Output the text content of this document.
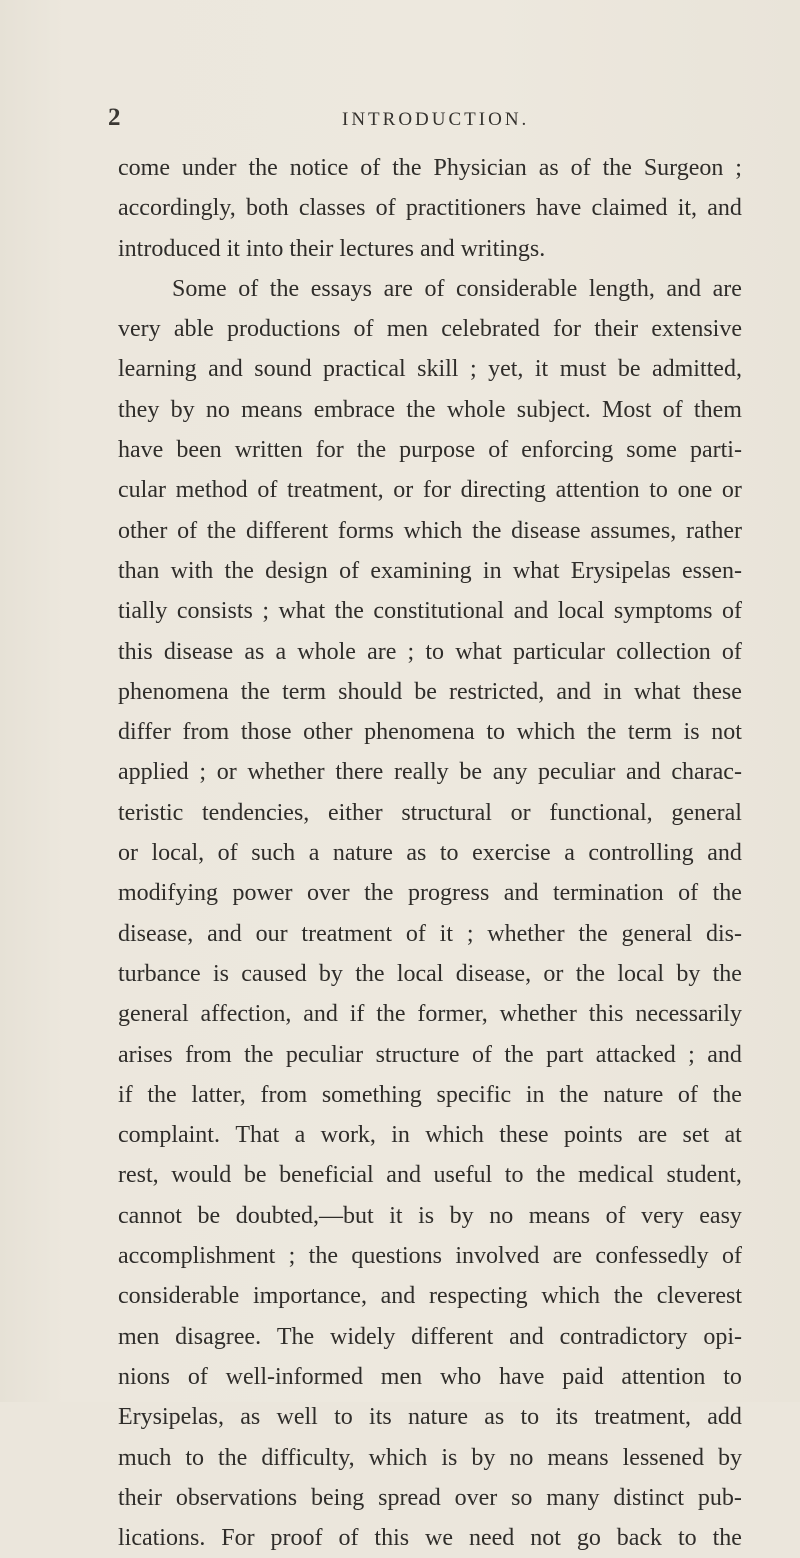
2	INTRODUCTION.
come under the notice of the Physician as of the Surgeon ;
accordingly, both classes of practitioners have claimed it, and
introduced
it
into
their
lectures
and
writings.

Some of the essays are of considerable length, and are
very able productions of men celebrated for their extensive
learning and sound practical skill ; yet, it must be admitted,
they by no means embrace the whole subject. Most of them
have been written for the purpose of enforcing some parti-
cular method of treatment, or for directing attention to one or
other of the different forms which the disease assumes, rather
than with the design of examining in what Erysipelas essen-
tially consists ; what the constitutional and local symptoms of
this disease as a whole are ; to what particular collection of
phenomena the term should be restricted, and in what these
differ from those other phenomena to which the term is not
applied ; or whether there really be any peculiar and charac-
teristic tendencies, either structural or functional, general
or local, of such a nature as to exercise a controlling and
modifying power over the progress and termination of the
disease, and our treatment of it ; whether the general dis-
turbance is caused by the local disease, or the local by the
general affection, and if the former, whether this necessarily
arises from the peculiar structure of the part attacked ; and
if the latter, from something specific in the nature of the
complaint. That a work, in which these points are set at
rest, would be beneficial and useful to the medical student,
cannot be doubted,—but it is by no means of very easy
accomplishment ; the questions involved are confessedly of
considerable importance, and respecting which the cleverest
men disagree. The widely different and contradictory opi-
nions of well-informed men who have paid attention to
Erysipelas, as well to its nature as to its treatment, add
much to the difficulty, which is by no means lessened by
their observations being spread over so many distinct pub-
lications. For proof of this we need not go back to the
